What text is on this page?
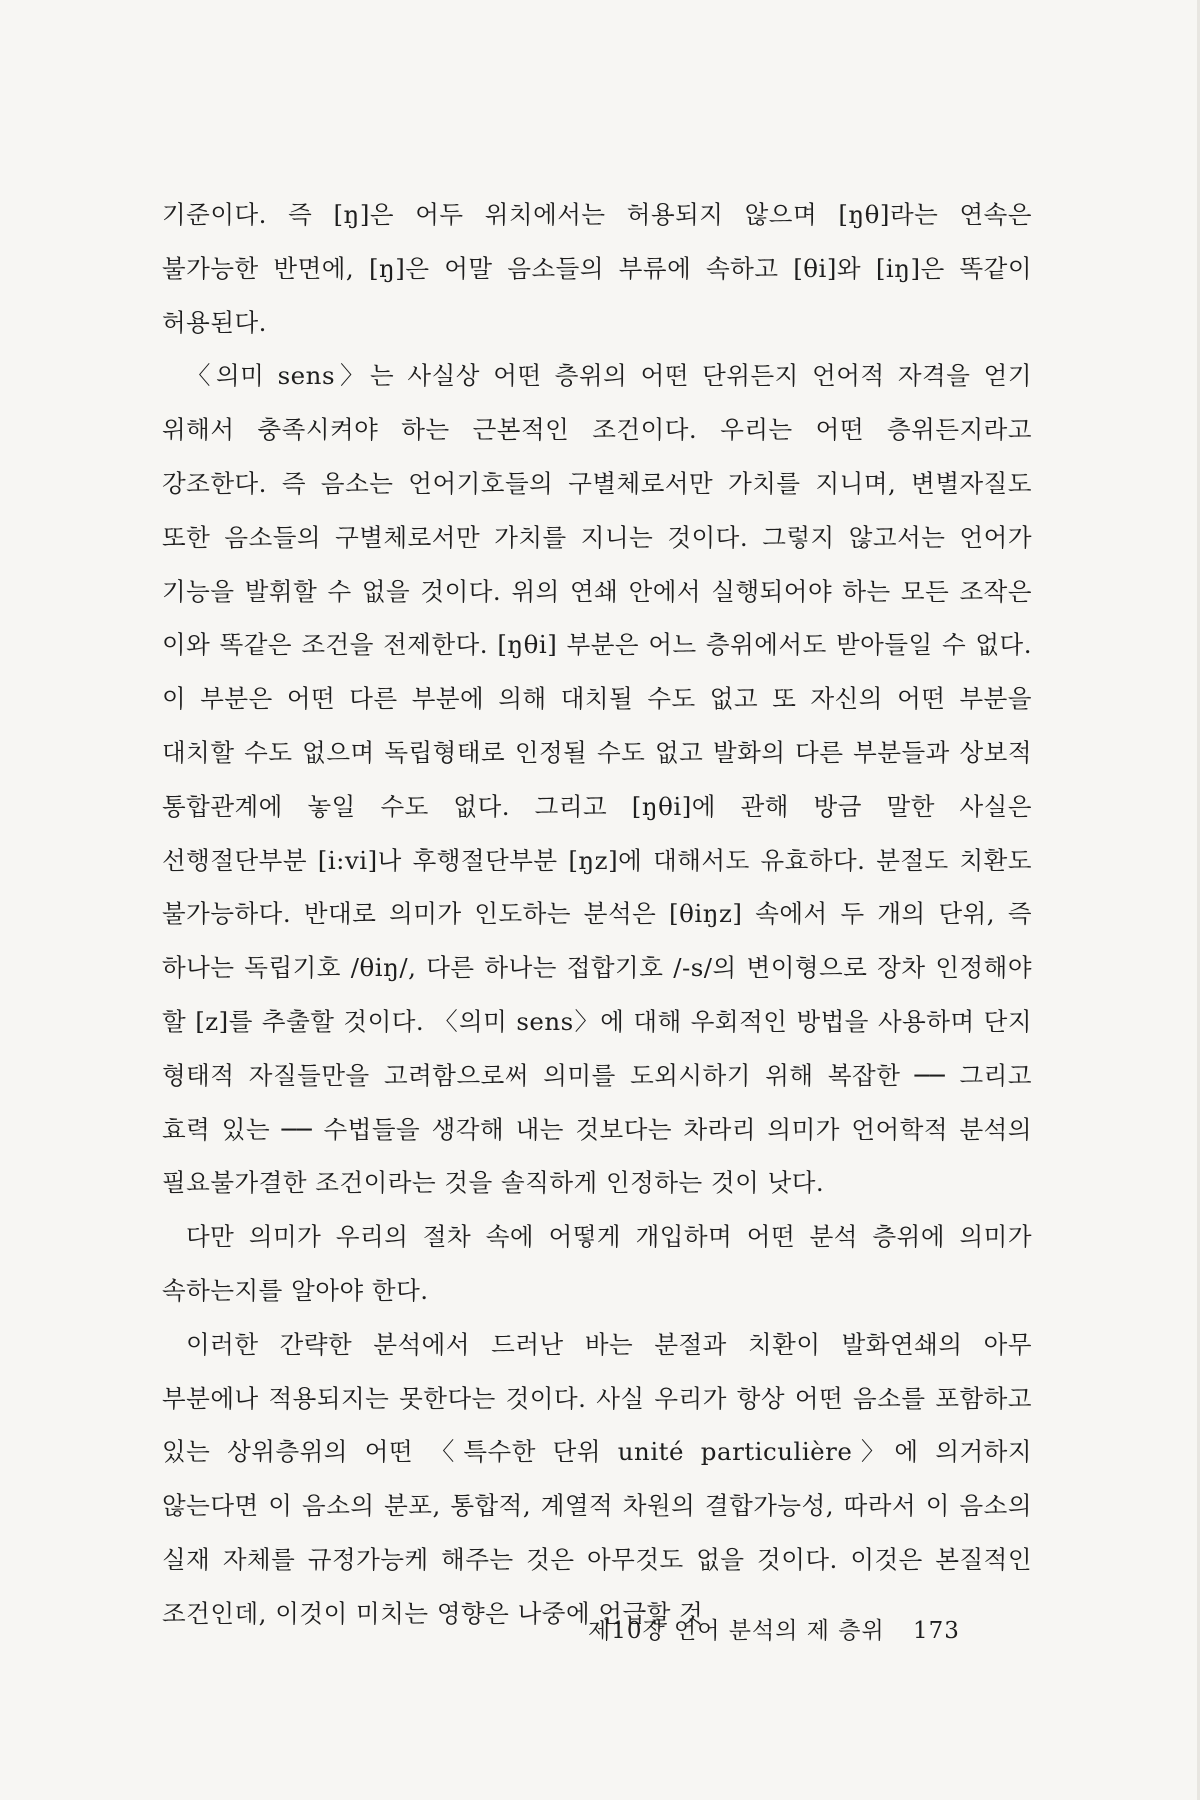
기준이다. 즉 [ŋ]은 어두 위치에서는 허용되지 않으며 [ŋθ]라는 연속은 불가능한 반면에, [ŋ]은 어말 음소들의 부류에 속하고 [θi]와 [iŋ]은 똑같이 허용된다.

〈의미 sens〉는 사실상 어떤 층위의 어떤 단위든지 언어적 자격을 얻기 위해서 충족시켜야 하는 근본적인 조건이다. 우리는 어떤 층위든지라고 강조한다. 즉 음소는 언어기호들의 구별체로서만 가치를 지니며, 변별자질도 또한 음소들의 구별체로서만 가치를 지니는 것이다. 그렇지 않고서는 언어가 기능을 발휘할 수 없을 것이다. 위의 연쇄 안에서 실행되어야 하는 모든 조작은 이와 똑같은 조건을 전제한다. [ŋθi] 부분은 어느 층위에서도 받아들일 수 없다. 이 부분은 어떤 다른 부분에 의해 대치될 수도 없고 또 자신의 어떤 부분을 대치할 수도 없으며 독립형태로 인정될 수도 없고 발화의 다른 부분들과 상보적 통합관계에 놓일 수도 없다. 그리고 [ŋθi]에 관해 방금 말한 사실은 선행절단부분 [i:vi]나 후행절단부분 [ŋz]에 대해서도 유효하다. 분절도 치환도 불가능하다. 반대로 의미가 인도하는 분석은 [θiŋz] 속에서 두 개의 단위, 즉 하나는 독립기호 /θiŋ/, 다른 하나는 접합기호 /-s/의 변이형으로 장차 인정해야 할 [z]를 추출할 것이다. 〈의미 sens〉에 대해 우회적인 방법을 사용하며 단지 형태적 자질들만을 고려함으로써 의미를 도외시하기 위해 복잡한 ── 그리고 효력 있는 ── 수법들을 생각해 내는 것보다는 차라리 의미가 언어학적 분석의 필요불가결한 조건이라는 것을 솔직하게 인정하는 것이 낫다.

다만 의미가 우리의 절차 속에 어떻게 개입하며 어떤 분석 층위에 의미가 속하는지를 알아야 한다.

이러한 간략한 분석에서 드러난 바는 분절과 치환이 발화연쇄의 아무 부분에나 적용되지는 못한다는 것이다. 사실 우리가 항상 어떤 음소를 포함하고 있는 상위층위의 어떤 〈특수한 단위 unité particulière〉에 의거하지 않는다면 이 음소의 분포, 통합적, 계열적 차원의 결합가능성, 따라서 이 음소의 실재 자체를 규정가능케 해주는 것은 아무것도 없을 것이다. 이것은 본질적인 조건인데, 이것이 미치는 영향은 나중에 언급할 것

제10장 언어 분석의 제 층위 173
